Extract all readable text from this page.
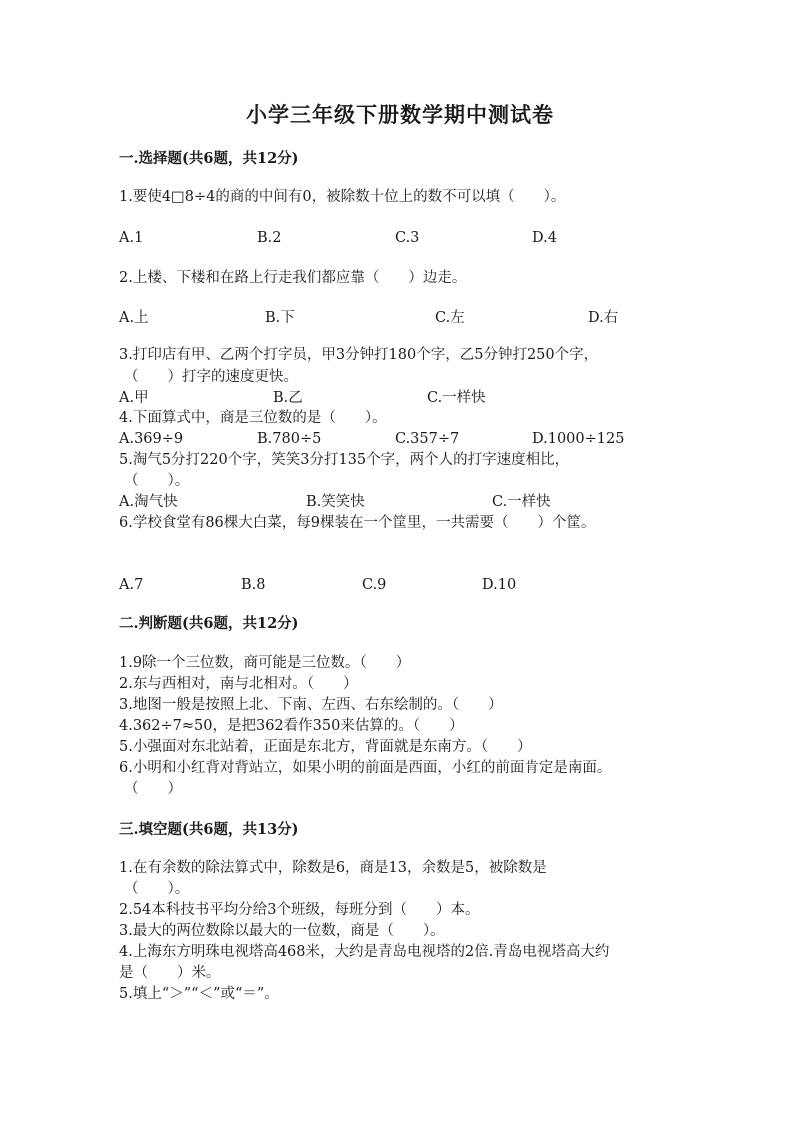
小学三年级下册数学期中测试卷
一.选择题(共6题，共12分)
1.要使4□8÷4的商的中间有0，被除数十位上的数不可以填（　　）。
A.1	B.2	C.3	D.4
2.上楼、下楼和在路上行走我们都应靠（　　）边走。
A.上	B.下	C.左	D.右
3.打印店有甲、乙两个打字员，甲3分钟打180个字，乙5分钟打250个字，
（　　）打字的速度更快。
A.甲	B.乙	C.一样快
4.下面算式中，商是三位数的是（　　）。
A.369÷9	B.780÷5	C.357÷7	D.1000÷125
5.淘气5分打220个字，笑笑3分打135个字，两个人的打字速度相比，
（　　）。
A.淘气快	B.笑笑快	C.一样快
6.学校食堂有86棵大白菜，每9棵装在一个筐里，一共需要（　　）个筐。
A.7	B.8	C.9	D.10
二.判断题(共6题，共12分)
1.9除一个三位数，商可能是三位数。（　　）
2.东与西相对，南与北相对。（　　）
3.地图一般是按照上北、下南、左西、右东绘制的。（　　）
4.362÷7≈50，是把362看作350来估算的。（　　）
5.小强面对东北站着，正面是东北方，背面就是东南方。（　　）
6.小明和小红背对背站立，如果小明的前面是西面，小红的前面肯定是南面。
（　　）
三.填空题(共6题，共13分)
1.在有余数的除法算式中，除数是6，商是13，余数是5，被除数是
（　　）。
2.54本科技书平均分给3个班级，每班分到（　　）本。
3.最大的两位数除以最大的一位数，商是（　　）。
4.上海东方明珠电视塔高468米，大约是青岛电视塔的2倍.青岛电视塔高大约
是（　　）米。
5.填上“＞”“＜”或“＝”。
